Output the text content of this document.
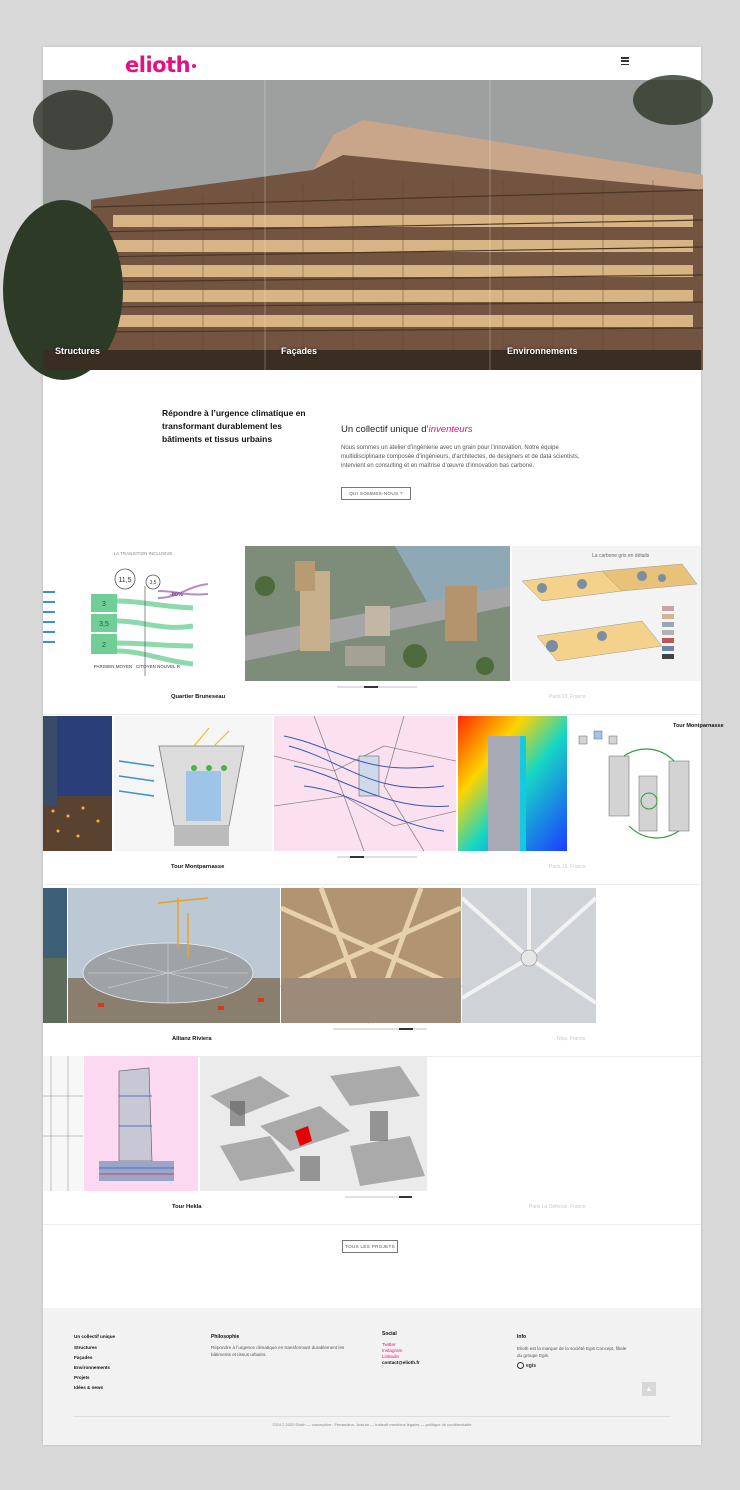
elioth
Structures	Façades	Environnements
Répondre à l’urgence climatique en transformant durablement les bâtiments et tissus urbains
Un collectif unique d’inventeurs
Nous sommes un atelier d’ingénierie avec un grain pour l’innovation. Notre équipe multidisciplinaire composée d’ingénieurs, d’architectes, de designers et de data scientists, intervient en consulting et en maîtrise d’œuvre d’innovation bas carbone.
QUI SOMMES-NOUS ?
LA TRANSITION INCLUSIVE
11,5	3,5
-80%
3
3,5
2
PARISIEN MOYEN CITOYEN NOUVEL R
La carbone gris en détails
Quartier Bruneseau	Paris 13, France
Tour Montparnasse
Tour Montparnasse	Paris 15, France
Allianz Riviera	Nice, France
Tour Hekla	Paris La Défense, France
TOUS LES PROJETS
Un collectif unique
Structures
Façades
Environnements
Projets
Idées & news
Philosophie
Répondre à l’urgence climatique en transformant durablement les bâtiments et tissus urbains.
Social
Twitter
Instagram
Linkedin
contact@elioth.fr
Info
Elioth est la marque de la société Egis Concept, filiale du groupe Egis.
egis
©2017-2020 Elioth — conception : Ferrandina, Justum — traitsoft mentions légales — politique de confidentialité
▲
